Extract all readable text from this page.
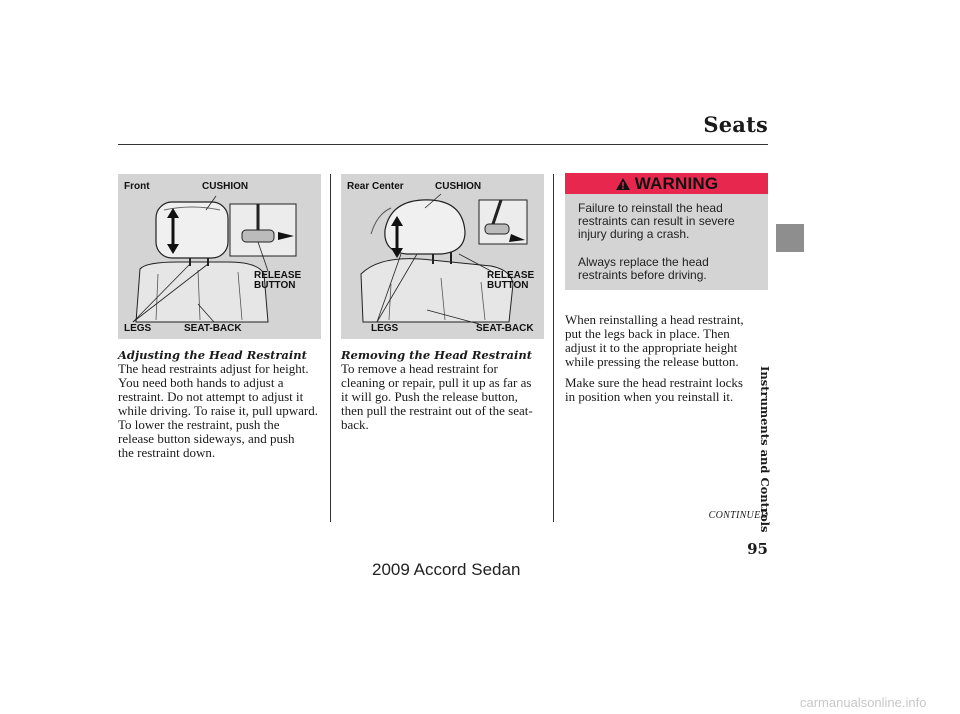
Seats
Instruments and Controls
Front	CUSHION
RELEASE
BUTTON
LEGS	SEAT-BACK
Rear Center	CUSHION
RELEASE
BUTTON
LEGS	SEAT-BACK
Adjusting the Head Restraint
The head restraints adjust for height.
You need both hands to adjust a
restraint. Do not attempt to adjust it
while driving. To raise it, pull upward.
To lower the restraint, push the
release button sideways, and push
the restraint down.
Removing the Head Restraint
To remove a head restraint for
cleaning or repair, pull it up as far as
it will go. Push the release button,
then pull the restraint out of the seat-
back.
WARNING
Failure to reinstall the head
restraints can result in severe
injury during a crash.
Always replace the head
restraints before driving.
When reinstalling a head restraint,
put the legs back in place. Then
adjust it to the appropriate height
while pressing the release button.
Make sure the head restraint locks
in position when you reinstall it.
CONTINUED
95
2009 Accord Sedan
carmanualsonline.info
